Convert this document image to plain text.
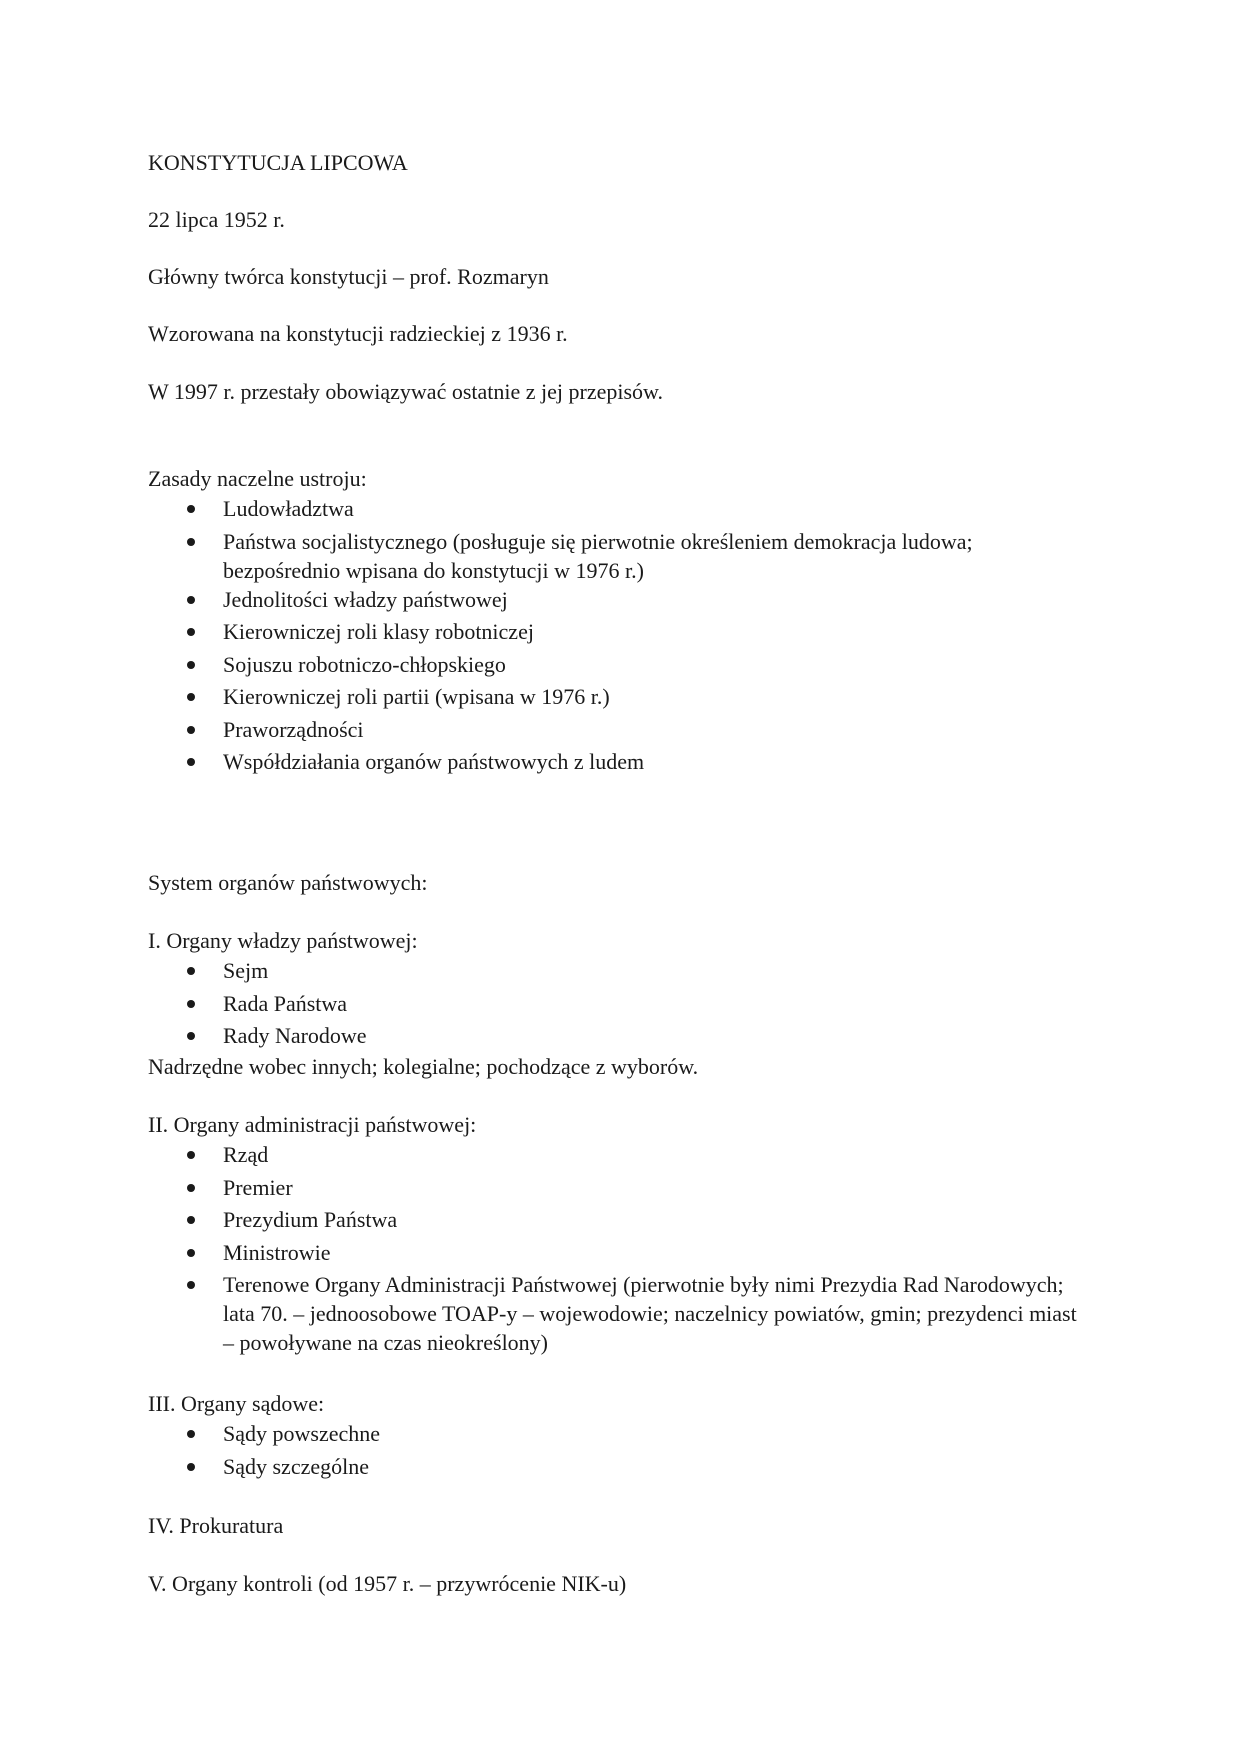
KONSTYTUCJA LIPCOWA
22 lipca 1952 r.
Główny twórca konstytucji – prof. Rozmaryn
Wzorowana na konstytucji radzieckiej z 1936 r.
W 1997 r. przestały obowiązywać ostatnie z jej przepisów.
Zasady naczelne ustroju:
Ludowładztwa
Państwa socjalistycznego (posługuje się pierwotnie określeniem demokracja ludowa; bezpośrednio wpisana do konstytucji w 1976 r.)
Jednolitości władzy państwowej
Kierowniczej roli klasy robotniczej
Sojuszu robotniczo-chłopskiego
Kierowniczej roli partii (wpisana w 1976 r.)
Praworządności
Współdziałania organów państwowych z ludem
System organów państwowych:
I. Organy władzy państwowej:
Sejm
Rada Państwa
Rady Narodowe
Nadrzędne wobec innych; kolegialne; pochodzące z wyborów.
II. Organy administracji państwowej:
Rząd
Premier
Prezydium Państwa
Ministrowie
Terenowe Organy Administracji Państwowej (pierwotnie były nimi Prezydia Rad Narodowych; lata 70. – jednoosobowe TOAP-y – wojewodowie; naczelnicy powiatów, gmin; prezydenci miast – powoływane na czas nieokreślony)
III. Organy sądowe:
Sądy powszechne
Sądy szczególne
IV. Prokuratura
V. Organy kontroli (od 1957 r. – przywrócenie NIK-u)
